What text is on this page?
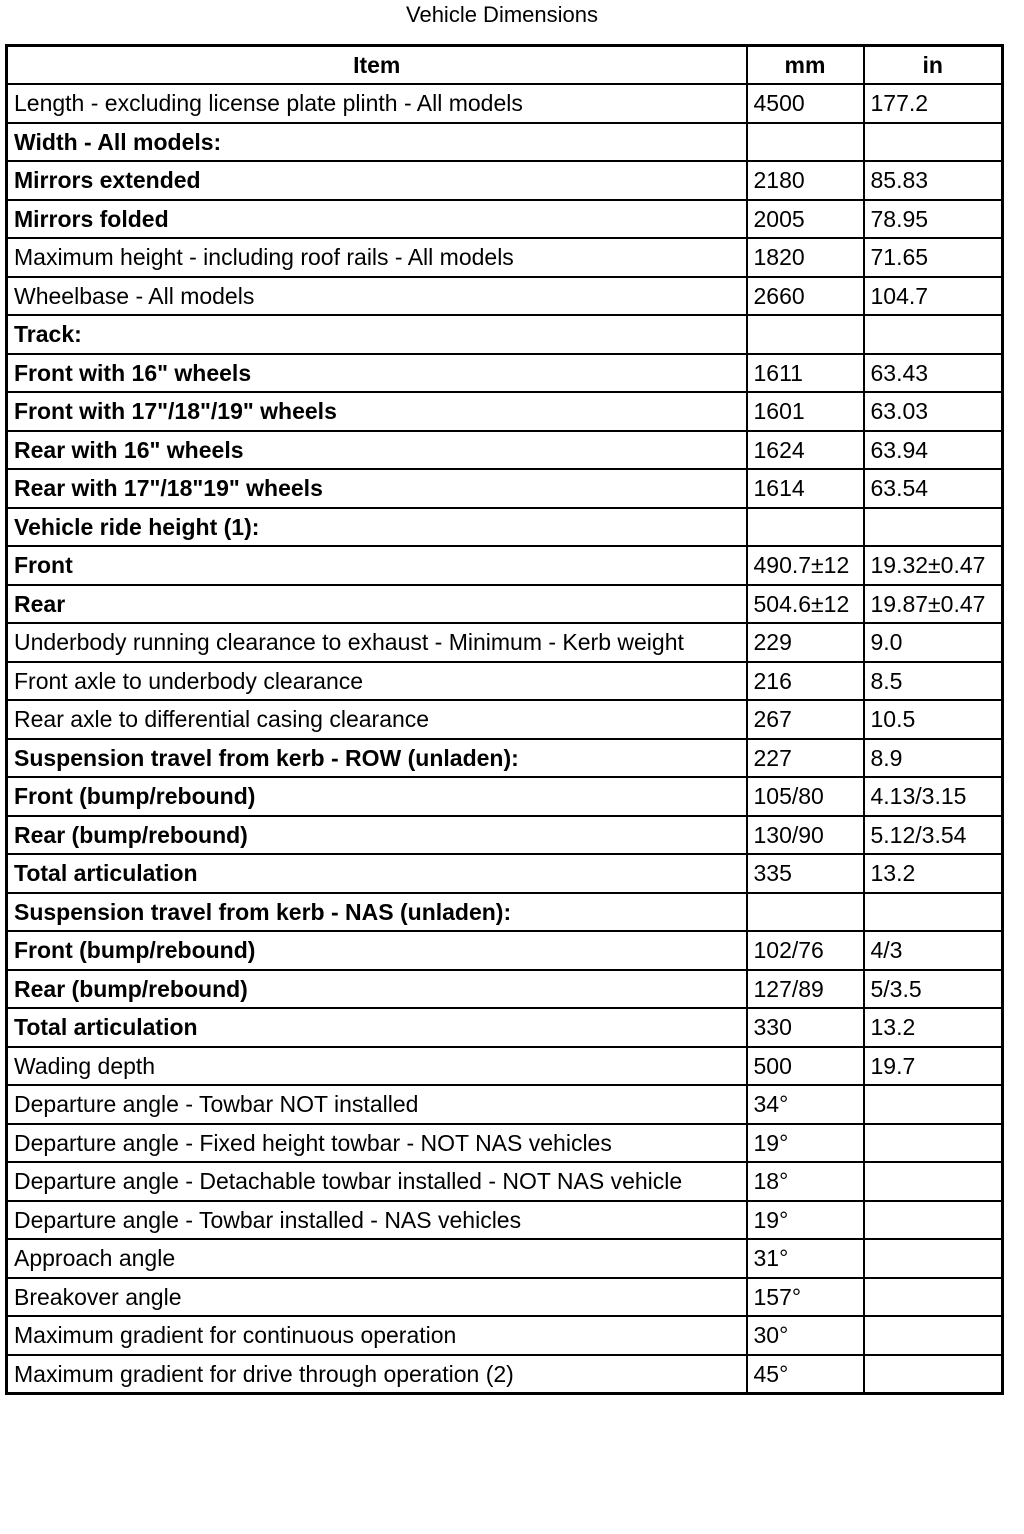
Vehicle Dimensions
Item	mm	in
Length - excluding license plate plinth - All models	4500	177.2
Width - All models:		
Mirrors extended	2180	85.83
Mirrors folded	2005	78.95
Maximum height - including roof rails - All models	1820	71.65
Wheelbase - All models	2660	104.7
Track:		
Front with 16" wheels	1611	63.43
Front with 17"/18"/19" wheels	1601	63.03
Rear with 16" wheels	1624	63.94
Rear with 17"/18"19" wheels	1614	63.54
Vehicle ride height (1):		
Front	490.7±12	19.32±0.47
Rear	504.6±12	19.87±0.47
Underbody running clearance to exhaust - Minimum - Kerb weight	229	9.0
Front axle to underbody clearance	216	8.5
Rear axle to differential casing clearance	267	10.5
Suspension travel from kerb - ROW (unladen):	227	8.9
Front (bump/rebound)	105/80	4.13/3.15
Rear (bump/rebound)	130/90	5.12/3.54
Total articulation	335	13.2
Suspension travel from kerb - NAS (unladen):		
Front (bump/rebound)	102/76	4/3
Rear (bump/rebound)	127/89	5/3.5
Total articulation	330	13.2
Wading depth	500	19.7
Departure angle - Towbar NOT installed	34°	
Departure angle - Fixed height towbar - NOT NAS vehicles	19°	
Departure angle - Detachable towbar installed - NOT NAS vehicle	18°	
Departure angle - Towbar installed - NAS vehicles	19°	
Approach angle	31°	
Breakover angle	157°	
Maximum gradient for continuous operation	30°	
Maximum gradient for drive through operation (2)	45°	
